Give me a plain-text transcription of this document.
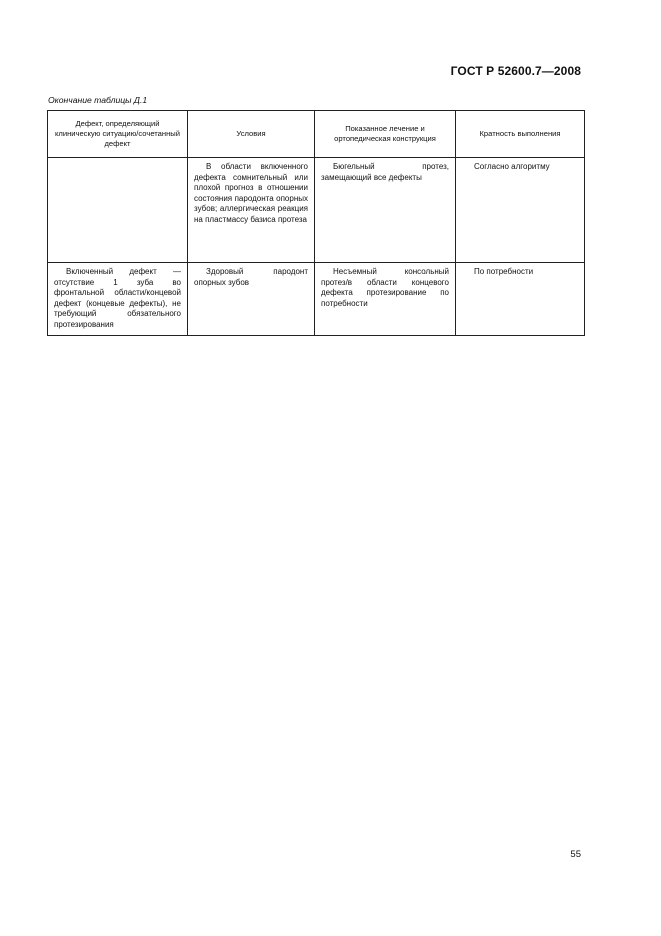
ГОСТ Р 52600.7—2008
Окончание таблицы Д.1
Дефект, определяющий клиническую ситуацию/сочетанный дефект	Условия	Показанное лечение и ортопедическая конструкция	Кратность выполнения
	В области включенного дефекта сомнительный или плохой прогноз в отношении состояния пародонта опорных зубов; аллергическая реакция на пластмассу базиса протеза	Бюгельный протез, замещающий все дефекты	Согласно алгоритму
Включенный дефект — отсутствие 1 зуба во фронтальной области/концевой дефект (концевые дефекты), не требующий обязательного протезирования	Здоровый пародонт опорных зубов	Несъемный консольный протез/в области концевого дефекта протезирование по потребности	По потребности
55
